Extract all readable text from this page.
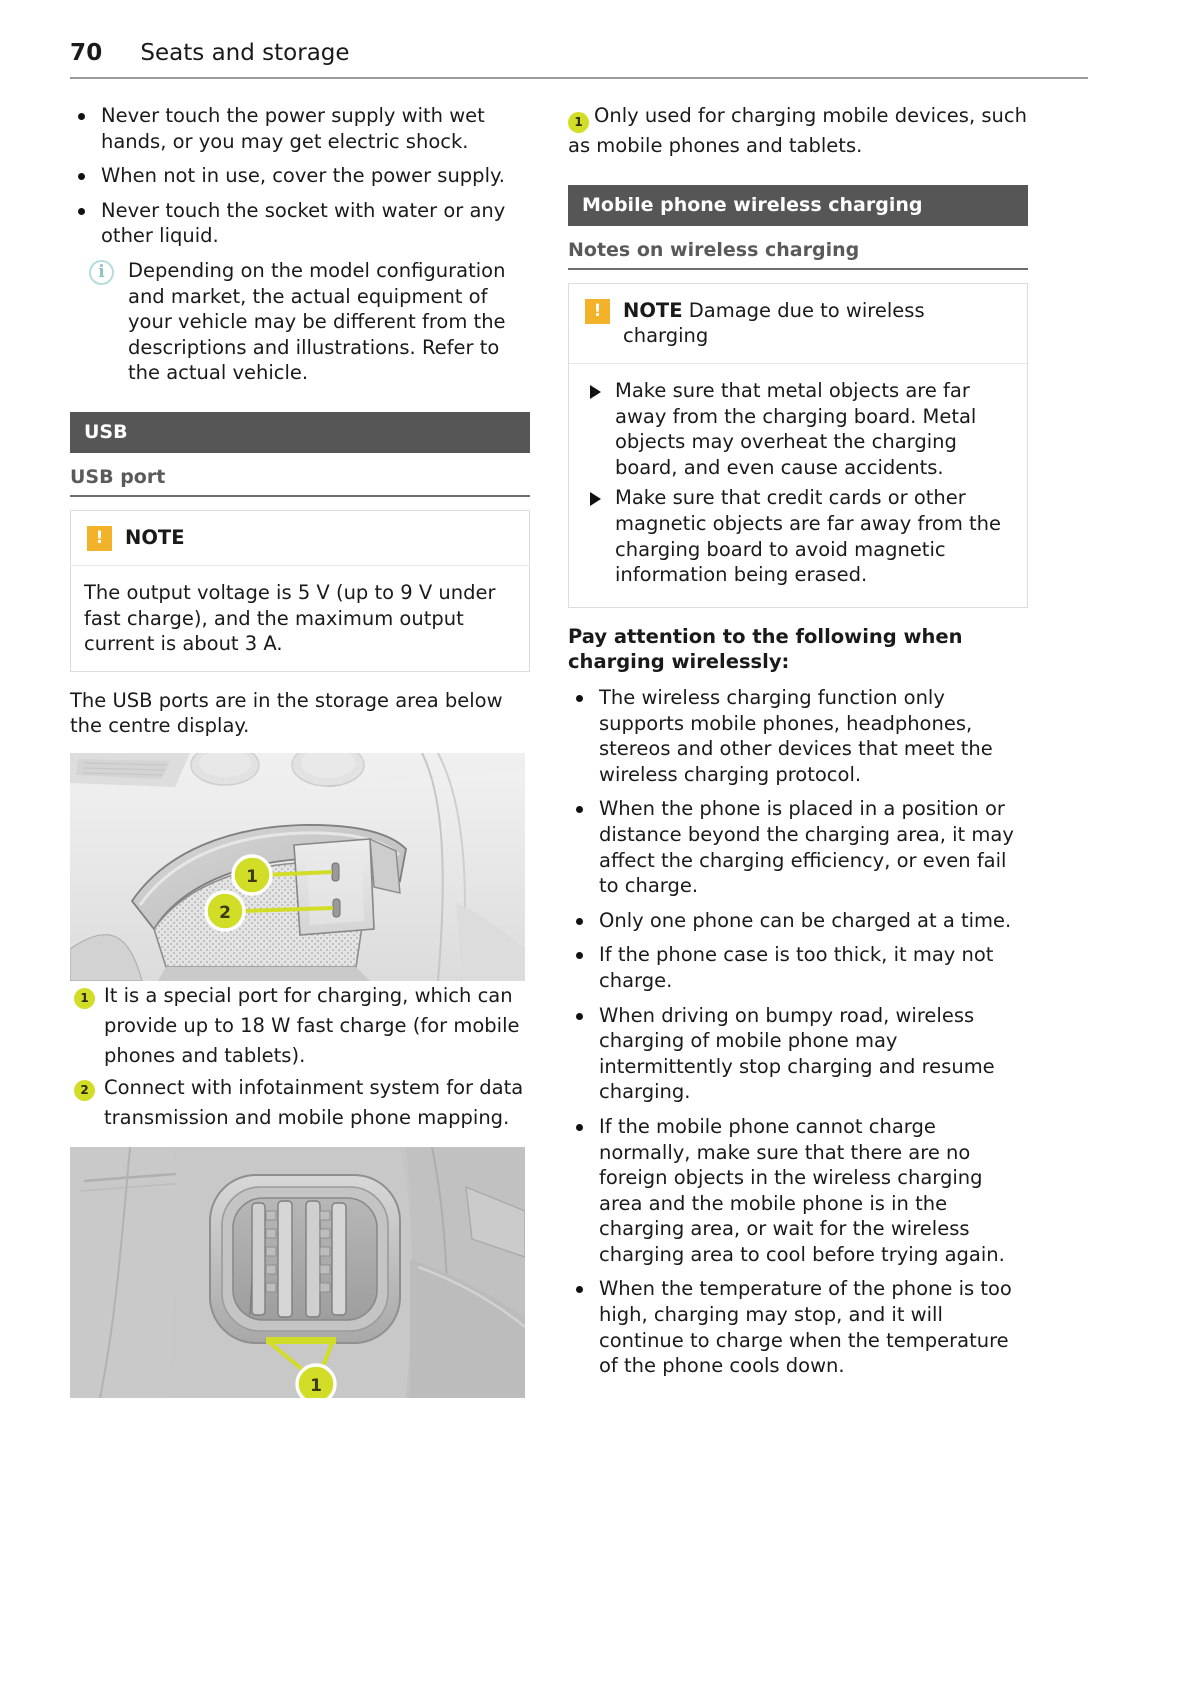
70 Seats and storage
Never touch the power supply with wet hands, or you may get electric shock.
When not in use, cover the power supply.
Never touch the socket with water or any other liquid.
i	Depending on the model configuration and market, the actual equipment of your vehicle may be different from the descriptions and illustrations. Refer to the actual vehicle.
USB
USB port
!	NOTE

The output voltage is 5 V (up to 9 V under fast charge), and the maximum output current is about 3 A.

The USB ports are in the storage area below the centre display.

1
2
1 It is a special port for charging, which can provide up to 18 W fast charge (for mobile phones and tablets).
2 Connect with infotainment system for data transmission and mobile phone mapping.
1

1 Only used for charging mobile devices, such as mobile phones and tablets.

Mobile phone wireless charging
Notes on wireless charging
!	NOTE Damage due to wireless charging
Make sure that metal objects are far away from the charging board. Metal objects may overheat the charging board, and even cause accidents.
Make sure that credit cards or other magnetic objects are far away from the charging board to avoid magnetic information being erased.

Pay attention to the following when charging wirelessly:

The wireless charging function only supports mobile phones, headphones, stereos and other devices that meet the wireless charging protocol.
When the phone is placed in a position or distance beyond the charging area, it may affect the charging efficiency, or even fail to charge.
Only one phone can be charged at a time.
If the phone case is too thick, it may not charge.
When driving on bumpy road, wireless charging of mobile phone may intermittently stop charging and resume charging.
If the mobile phone cannot charge normally, make sure that there are no foreign objects in the wireless charging area and the mobile phone is in the charging area, or wait for the wireless charging area to cool before trying again.
When the temperature of the phone is too high, charging may stop, and it will continue to charge when the temperature of the phone cools down.
